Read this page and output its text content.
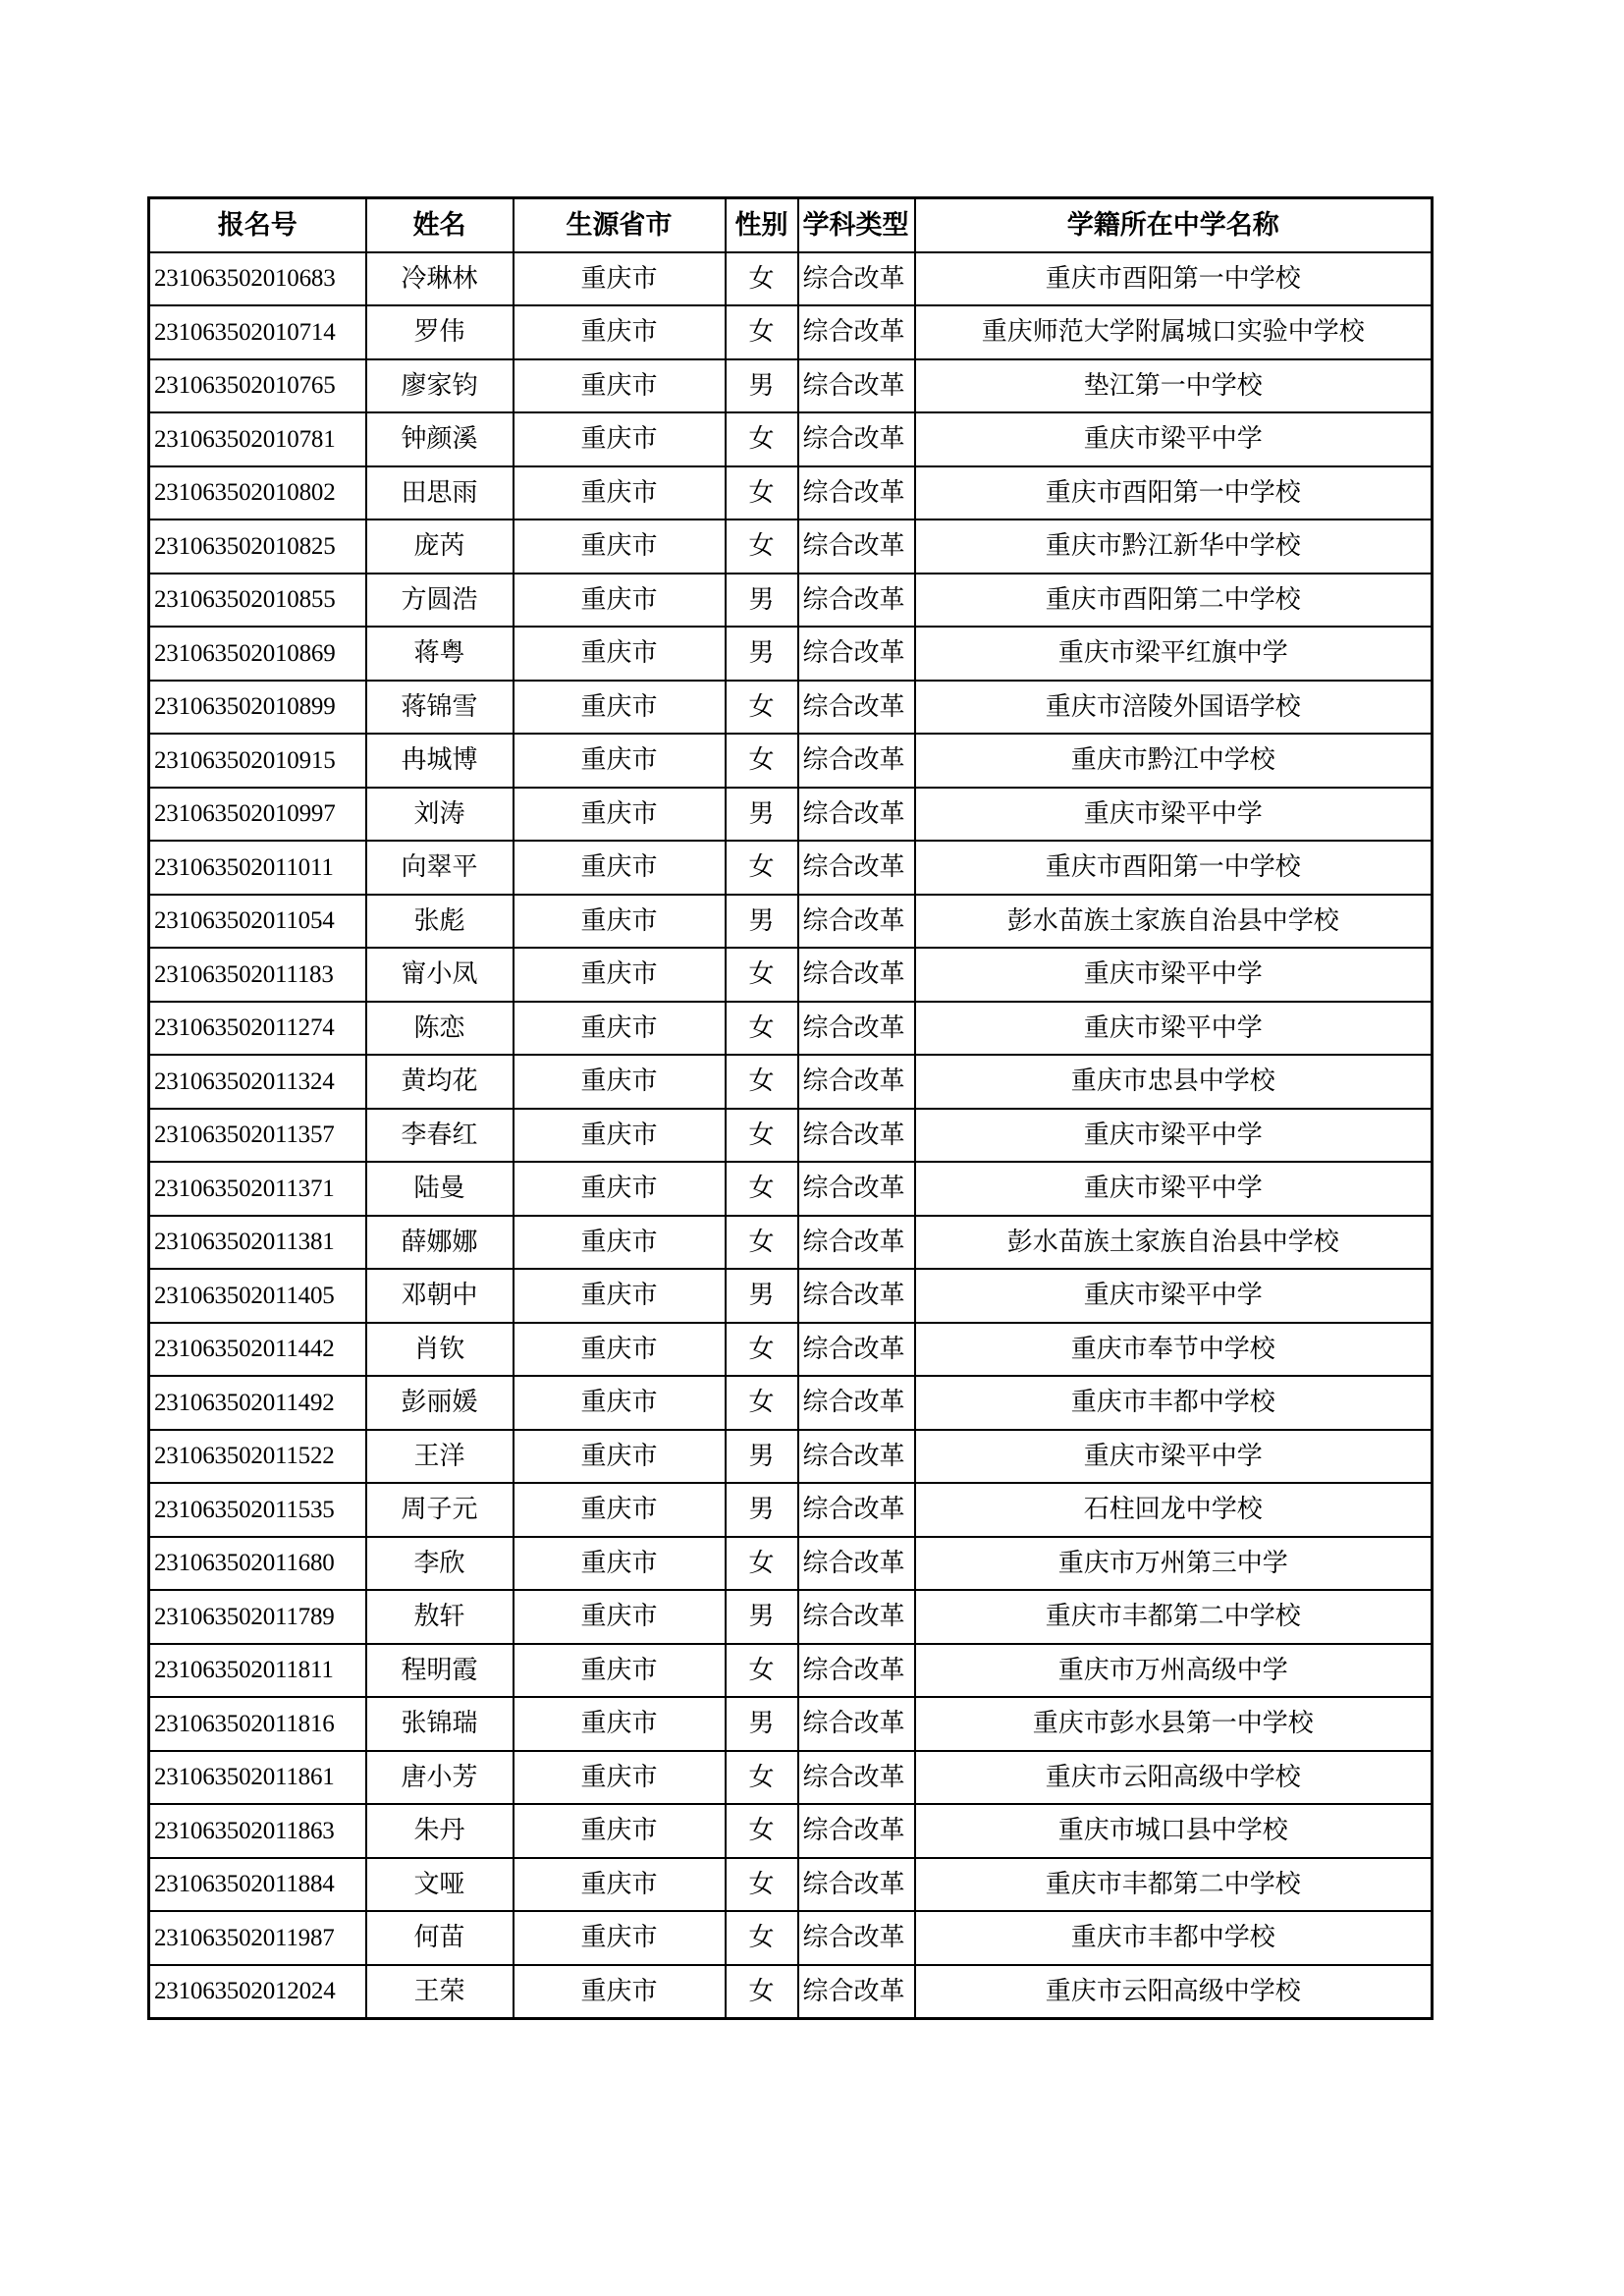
报名号	姓名	生源省市	性别	学科类型	学籍所在中学名称
231063502010683	冷琳林	重庆市	女	综合改革	重庆市酉阳第一中学校
231063502010714	罗伟	重庆市	女	综合改革	重庆师范大学附属城口实验中学校
231063502010765	廖家钧	重庆市	男	综合改革	垫江第一中学校
231063502010781	钟颜溪	重庆市	女	综合改革	重庆市梁平中学
231063502010802	田思雨	重庆市	女	综合改革	重庆市酉阳第一中学校
231063502010825	庞芮	重庆市	女	综合改革	重庆市黔江新华中学校
231063502010855	方圆浩	重庆市	男	综合改革	重庆市酉阳第二中学校
231063502010869	蒋粤	重庆市	男	综合改革	重庆市梁平红旗中学
231063502010899	蒋锦雪	重庆市	女	综合改革	重庆市涪陵外国语学校
231063502010915	冉城博	重庆市	女	综合改革	重庆市黔江中学校
231063502010997	刘涛	重庆市	男	综合改革	重庆市梁平中学
231063502011011	向翠平	重庆市	女	综合改革	重庆市酉阳第一中学校
231063502011054	张彪	重庆市	男	综合改革	彭水苗族土家族自治县中学校
231063502011183	甯小凤	重庆市	女	综合改革	重庆市梁平中学
231063502011274	陈恋	重庆市	女	综合改革	重庆市梁平中学
231063502011324	黄均花	重庆市	女	综合改革	重庆市忠县中学校
231063502011357	李春红	重庆市	女	综合改革	重庆市梁平中学
231063502011371	陆曼	重庆市	女	综合改革	重庆市梁平中学
231063502011381	薛娜娜	重庆市	女	综合改革	彭水苗族土家族自治县中学校
231063502011405	邓朝中	重庆市	男	综合改革	重庆市梁平中学
231063502011442	肖钦	重庆市	女	综合改革	重庆市奉节中学校
231063502011492	彭丽媛	重庆市	女	综合改革	重庆市丰都中学校
231063502011522	王洋	重庆市	男	综合改革	重庆市梁平中学
231063502011535	周子元	重庆市	男	综合改革	石柱回龙中学校
231063502011680	李欣	重庆市	女	综合改革	重庆市万州第三中学
231063502011789	敖轩	重庆市	男	综合改革	重庆市丰都第二中学校
231063502011811	程明霞	重庆市	女	综合改革	重庆市万州高级中学
231063502011816	张锦瑞	重庆市	男	综合改革	重庆市彭水县第一中学校
231063502011861	唐小芳	重庆市	女	综合改革	重庆市云阳高级中学校
231063502011863	朱丹	重庆市	女	综合改革	重庆市城口县中学校
231063502011884	文哑	重庆市	女	综合改革	重庆市丰都第二中学校
231063502011987	何苗	重庆市	女	综合改革	重庆市丰都中学校
231063502012024	王荣	重庆市	女	综合改革	重庆市云阳高级中学校
